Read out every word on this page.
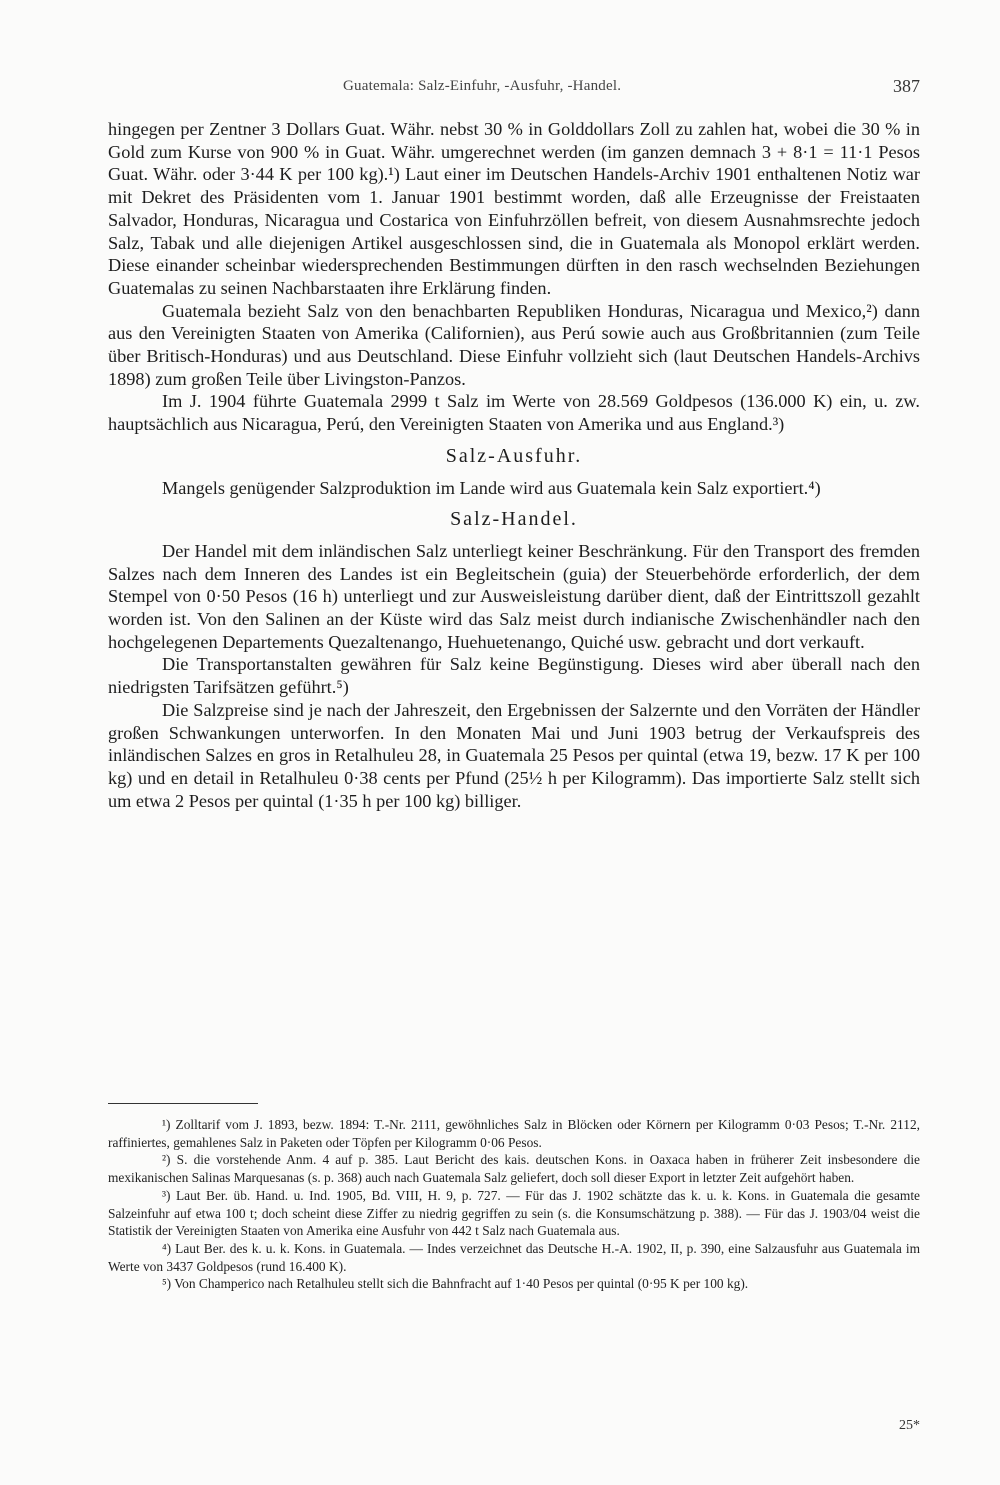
Guatemala: Salz-Einfuhr, -Ausfuhr, -Handel.	387

hingegen per Zentner 3 Dollars Guat. Währ. nebst 30 % in Golddollars Zoll zu zahlen hat, wobei die 30 % in Gold zum Kurse von 900 % in Guat. Währ. umgerechnet werden (im ganzen demnach 3 + 8·1 = 11·1 Pesos Guat. Währ. oder 3·44 K per 100 kg).¹) Laut einer im Deutschen Handels-Archiv 1901 enthaltenen Notiz war mit Dekret des Präsidenten vom 1. Januar 1901 bestimmt worden, daß alle Erzeugnisse der Freistaaten Salvador, Honduras, Nicaragua und Costarica von Einfuhrzöllen befreit, von diesem Ausnahmsrechte jedoch Salz, Tabak und alle diejenigen Artikel ausgeschlossen sind, die in Guatemala als Monopol erklärt werden. Diese einander scheinbar wiedersprechenden Bestimmungen dürften in den rasch wechselnden Beziehungen Guatemalas zu seinen Nachbarstaaten ihre Erklärung finden.

Guatemala bezieht Salz von den benachbarten Republiken Honduras, Nicaragua und Mexico,²) dann aus den Vereinigten Staaten von Amerika (Californien), aus Perú sowie auch aus Großbritannien (zum Teile über Britisch-Honduras) und aus Deutschland. Diese Einfuhr vollzieht sich (laut Deutschen Handels-Archivs 1898) zum großen Teile über Livingston-Panzos.

Im J. 1904 führte Guatemala 2999 t Salz im Werte von 28.569 Goldpesos (136.000 K) ein, u. zw. hauptsächlich aus Nicaragua, Perú, den Vereinigten Staaten von Amerika und aus England.³)

Salz-Ausfuhr.

Mangels genügender Salzproduktion im Lande wird aus Guatemala kein Salz exportiert.⁴)

Salz-Handel.

Der Handel mit dem inländischen Salz unterliegt keiner Beschränkung. Für den Transport des fremden Salzes nach dem Inneren des Landes ist ein Begleitschein (guia) der Steuerbehörde erforderlich, der dem Stempel von 0·50 Pesos (16 h) unterliegt und zur Ausweisleistung darüber dient, daß der Eintrittszoll gezahlt worden ist. Von den Salinen an der Küste wird das Salz meist durch indianische Zwischenhändler nach den hochgelegenen Departements Quezaltenango, Huehuetenango, Quiché usw. gebracht und dort verkauft.

Die Transportanstalten gewähren für Salz keine Begünstigung. Dieses wird aber überall nach den niedrigsten Tarifsätzen geführt.⁵)

Die Salzpreise sind je nach der Jahreszeit, den Ergebnissen der Salzernte und den Vorräten der Händler großen Schwankungen unterworfen. In den Monaten Mai und Juni 1903 betrug der Verkaufspreis des inländischen Salzes en gros in Retalhuleu 28, in Guatemala 25 Pesos per quintal (etwa 19, bezw. 17 K per 100 kg) und en detail in Retalhuleu 0·38 cents per Pfund (25½ h per Kilogramm). Das importierte Salz stellt sich um etwa 2 Pesos per quintal (1·35 h per 100 kg) billiger.

¹) Zolltarif vom J. 1893, bezw. 1894: T.-Nr. 2111, gewöhnliches Salz in Blöcken oder Körnern per Kilogramm 0·03 Pesos; T.-Nr. 2112, raffiniertes, gemahlenes Salz in Paketen oder Töpfen per Kilogramm 0·06 Pesos.

²) S. die vorstehende Anm. 4 auf p. 385. Laut Bericht des kais. deutschen Kons. in Oaxaca haben in früherer Zeit insbesondere die mexikanischen Salinas Marquesanas (s. p. 368) auch nach Guatemala Salz geliefert, doch soll dieser Export in letzter Zeit aufgehört haben.

³) Laut Ber. üb. Hand. u. Ind. 1905, Bd. VIII, H. 9, p. 727. — Für das J. 1902 schätzte das k. u. k. Kons. in Guatemala die gesamte Salzeinfuhr auf etwa 100 t; doch scheint diese Ziffer zu niedrig gegriffen zu sein (s. die Konsumschätzung p. 388). — Für das J. 1903/04 weist die Statistik der Vereinigten Staaten von Amerika eine Ausfuhr von 442 t Salz nach Guatemala aus.

⁴) Laut Ber. des k. u. k. Kons. in Guatemala. — Indes verzeichnet das Deutsche H.-A. 1902, II, p. 390, eine Salzausfuhr aus Guatemala im Werte von 3437 Goldpesos (rund 16.400 K).

⁵) Von Champerico nach Retalhuleu stellt sich die Bahnfracht auf 1·40 Pesos per quintal (0·95 K per 100 kg).

25*
